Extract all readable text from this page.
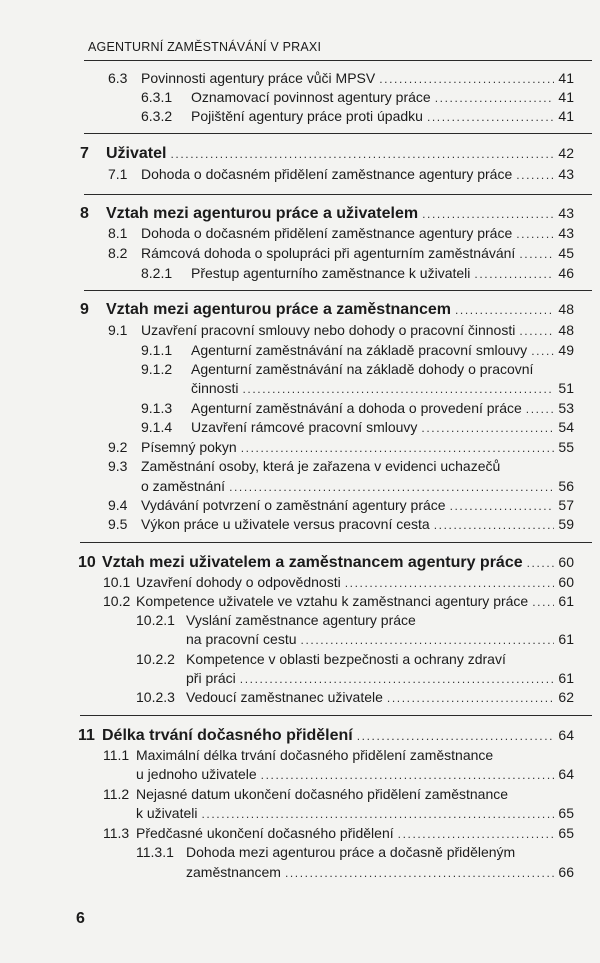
AGENTURNÍ ZAMĚSTNÁVÁNÍ V PRAXI
6.3 Povinnosti agentury práce vůči MPSV .....	41
6.3.1	Oznamovací povinnost agentury práce .....	41
6.3.2	Pojištění agentury práce proti úpadku .....	41
7	Uživatel .....	42
7.1 Dohoda o dočasném přidělení zaměstnance agentury práce .....	43
8	Vztah mezi agenturou práce a uživatelem .....	43
8.1 Dohoda o dočasném přidělení zaměstnance agentury práce .....	43
8.2 Rámcová dohoda o spolupráci při agenturním zaměstnávání .....	45
8.2.1	Přestup agenturního zaměstnance k uživateli .....	46
9	Vztah mezi agenturou práce a zaměstnancem .....	48
9.1 Uzavření pracovní smlouvy nebo dohody o pracovní činnosti .....	48
9.1.1	Agenturní zaměstnávání na základě pracovní smlouvy ..... 49
9.1.2 Agenturní zaměstnávání na základě dohody o pracovní
činnosti .....	51
9.1.3	Agenturní zaměstnávání a dohoda o provedení práce .....	53
9.1.4	Uzavření rámcové pracovní smlouvy .....	54
9.2 Písemný pokyn .....	55
9.3 Zaměstnání osoby, která je zařazena v evidenci uchazečů
o zaměstnání .....	56
9.4 Vydávání potvrzení o zaměstnání agentury práce .....	57
9.5 Výkon práce u uživatele versus pracovní cesta .....	59
10 Vztah mezi uživatelem a zaměstnancem agentury práce .....	60
10.1 Uzavření dohody o odpovědnosti .....	60
10.2 Kompetence uživatele ve vztahu k zaměstnanci agentury práce ..... 61
10.2.1 Vyslání zaměstnance agentury práce
na pracovní cestu .....	61
10.2.2 Kompetence v oblasti bezpečnosti a ochrany zdraví
při práci .....	61
10.2.3 Vedoucí zaměstnanec uživatele .....	62
11 Délka trvání dočasného přidělení .....	64
11.1 Maximální délka trvání dočasného přidělení zaměstnance
u jednoho uživatele .....	64
11.2 Nejasné datum ukončení dočasného přidělení zaměstnance
k uživateli .....	65
11.3 Předčasné ukončení dočasného přidělení .....	65
11.3.1 Dohoda mezi agenturou práce a dočasně přiděleným
zaměstnancem .....	66
6
